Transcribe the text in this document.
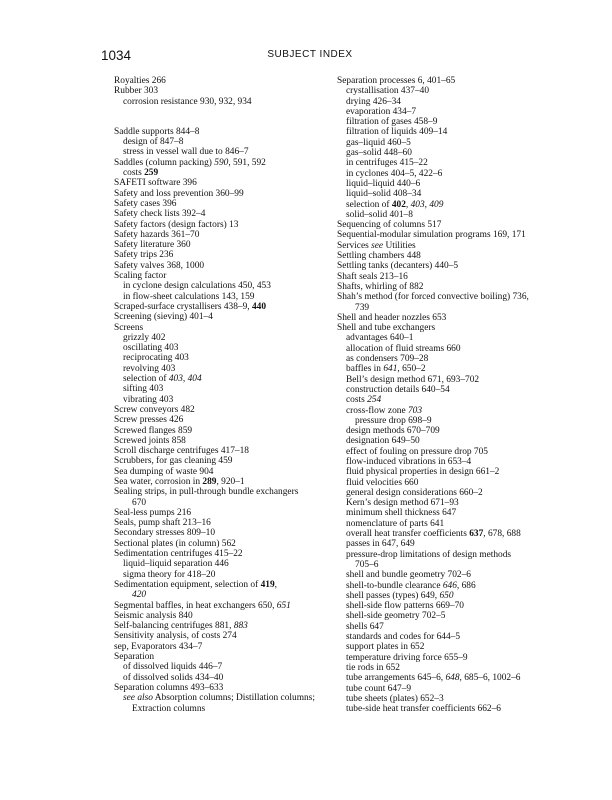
1034	SUBJECT INDEX
Royalties 266
Rubber 303
corrosion resistance 930, 932, 934
Saddle supports 844–8
design of 847–8
stress in vessel wall due to 846–7
Saddles (column packing) 590, 591, 592
costs 259
SAFETI software 396
Safety and loss prevention 360–99
Safety cases 396
Safety check lists 392–4
Safety factors (design factors) 13
Safety hazards 361–70
Safety literature 360
Safety trips 236
Safety valves 368, 1000
Scaling factor
in cyclone design calculations 450, 453
in flow-sheet calculations 143, 159
Scraped-surface crystallisers 438–9, 440
Screening (sieving) 401–4
Screens
grizzly 402
oscillating 403
reciprocating 403
revolving 403
selection of 403, 404
sifting 403
vibrating 403
Screw conveyors 482
Screw presses 426
Screwed flanges 859
Screwed joints 858
Scroll discharge centrifuges 417–18
Scrubbers, for gas cleaning 459
Sea dumping of waste 904
Sea water, corrosion in 289, 920–1
Sealing strips, in pull-through bundle exchangers
670
Seal-less pumps 216
Seals, pump shaft 213–16
Secondary stresses 809–10
Sectional plates (in column) 562
Sedimentation centrifuges 415–22
liquid–liquid separation 446
sigma theory for 418–20
Sedimentation equipment, selection of 419,
420
Segmental baffles, in heat exchangers 650, 651
Seismic analysis 840
Self-balancing centrifuges 881, 883
Sensitivity analysis, of costs 274
sep, Evaporators 434–7
Separation
of dissolved liquids 446–7
of dissolved solids 434–40
Separation columns 493–633
see also Absorption columns; Distillation columns;
Extraction columns
Separation processes 6, 401–65
crystallisation 437–40
drying 426–34
evaporation 434–7
filtration of gases 458–9
filtration of liquids 409–14
gas–liquid 460–5
gas–solid 448–60
in centrifuges 415–22
in cyclones 404–5, 422–6
liquid–liquid 440–6
liquid–solid 408–34
selection of 402, 403, 409
solid–solid 401–8
Sequencing of columns 517
Sequential-modular simulation programs 169, 171
Services see Utilities
Settling chambers 448
Settling tanks (decanters) 440–5
Shaft seals 213–16
Shafts, whirling of 882
Shah’s method (for forced convective boiling) 736,
739
Shell and header nozzles 653
Shell and tube exchangers
advantages 640–1
allocation of fluid streams 660
as condensers 709–28
baffles in 641, 650–2
Bell’s design method 671, 693–702
construction details 640–54
costs 254
cross-flow zone 703
pressure drop 698–9
design methods 670–709
designation 649–50
effect of fouling on pressure drop 705
flow-induced vibrations in 653–4
fluid physical properties in design 661–2
fluid velocities 660
general design considerations 660–2
Kern’s design method 671–93
minimum shell thickness 647
nomenclature of parts 641
overall heat transfer coefficients 637, 678, 688
passes in 647, 649
pressure-drop limitations of design methods
705–6
shell and bundle geometry 702–6
shell-to-bundle clearance 646, 686
shell passes (types) 649, 650
shell-side flow patterns 669–70
shell-side geometry 702–5
shells 647
standards and codes for 644–5
support plates in 652
temperature driving force 655–9
tie rods in 652
tube arrangements 645–6, 648, 685–6, 1002–6
tube count 647–9
tube sheets (plates) 652–3
tube-side heat transfer coefficients 662–6
